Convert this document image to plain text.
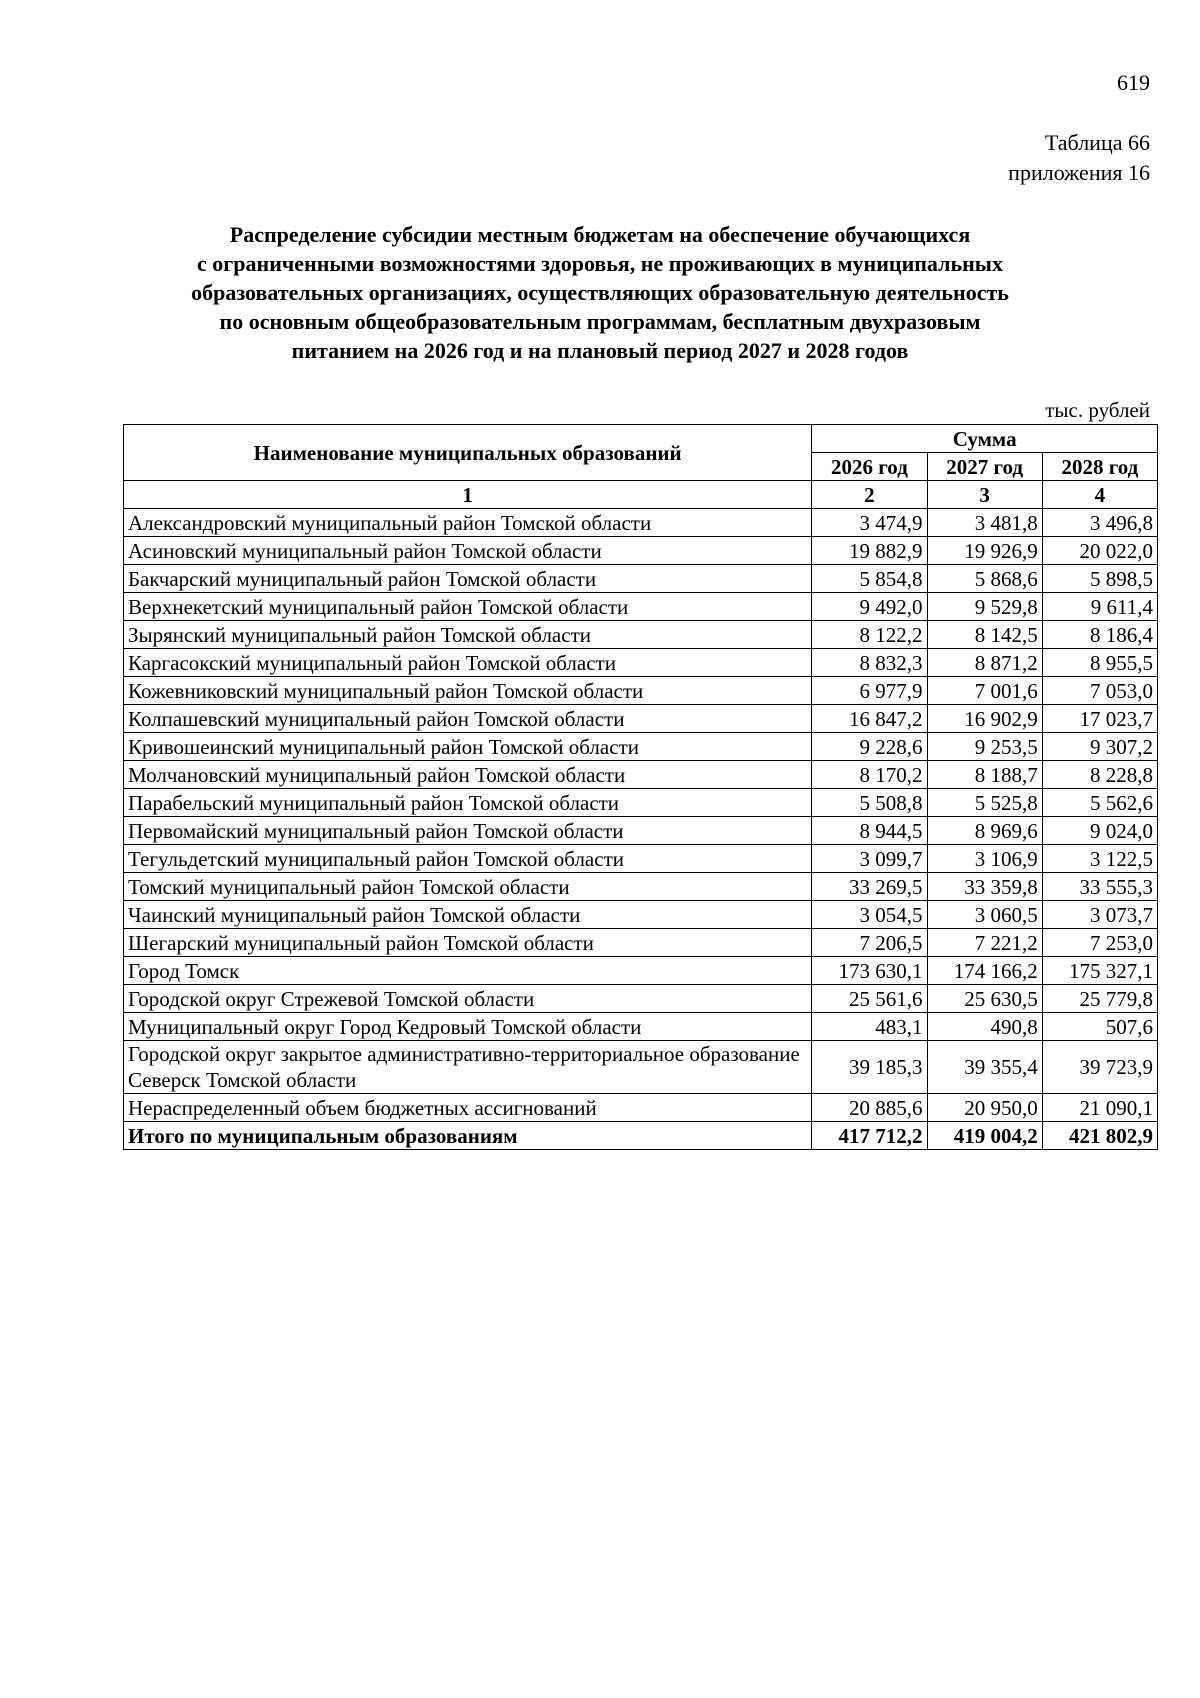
619
Таблица 66
приложения 16
Распределение субсидии местным бюджетам на обеспечение обучающихся
с ограниченными возможностями здоровья, не проживающих в муниципальных
образовательных организациях, осуществляющих образовательную деятельность
по основным общеобразовательным программам, бесплатным двухразовым
питанием на 2026 год и на плановый период 2027 и 2028 годов
тыс. рублей
Наименование муниципальных образований	Сумма		
	2026 год	2027 год	2028 год
1	2	3	4
Александровский муниципальный район Томской области	3 474,9	3 481,8	3 496,8
Асиновский муниципальный район Томской области	19 882,9	19 926,9	20 022,0
Бакчарский муниципальный район Томской области	5 854,8	5 868,6	5 898,5
Верхнекетский муниципальный район Томской области	9 492,0	9 529,8	9 611,4
Зырянский муниципальный район Томской области	8 122,2	8 142,5	8 186,4
Каргасокский муниципальный район Томской области	8 832,3	8 871,2	8 955,5
Кожевниковский муниципальный район Томской области	6 977,9	7 001,6	7 053,0
Колпашевский муниципальный район Томской области	16 847,2	16 902,9	17 023,7
Кривошеинский муниципальный район Томской области	9 228,6	9 253,5	9 307,2
Молчановский муниципальный район Томской области	8 170,2	8 188,7	8 228,8
Парабельский муниципальный район Томской области	5 508,8	5 525,8	5 562,6
Первомайский муниципальный район Томской области	8 944,5	8 969,6	9 024,0
Тегульдетский муниципальный район Томской области	3 099,7	3 106,9	3 122,5
Томский муниципальный район Томской области	33 269,5	33 359,8	33 555,3
Чаинский муниципальный район Томской области	3 054,5	3 060,5	3 073,7
Шегарский муниципальный район Томской области	7 206,5	7 221,2	7 253,0
Город Томск	173 630,1	174 166,2	175 327,1
Городской округ Стрежевой Томской области	25 561,6	25 630,5	25 779,8
Муниципальный округ Город Кедровый Томской области	483,1	490,8	507,6
Городской округ закрытое административно-территориальное образование Северск Томской области	39 185,3	39 355,4	39 723,9
Нераспределенный объем бюджетных ассигнований	20 885,6	20 950,0	21 090,1
Итого по муниципальным образованиям	417 712,2	419 004,2	421 802,9
